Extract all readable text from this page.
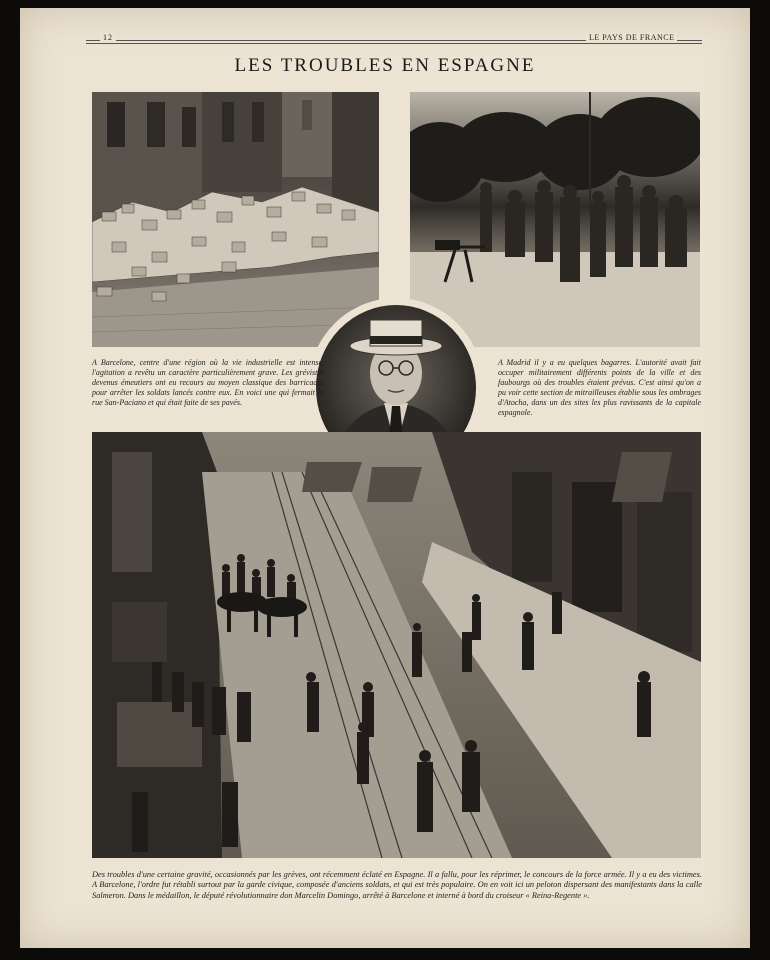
12	LE PAYS DE FRANCE
LES TROUBLES EN ESPAGNE
A Barcelone, centre d'une région où la vie industrielle est intense, l'agitation a revêtu un caractère particulièrement grave. Les grévistes devenus émeutiers ont eu recours au moyen classique des barricades pour arrêter les soldats lancés contre eux. En voici une qui fermait la rue San-Paciano et qui était faite de ses pavés.
A Madrid il y a eu quelques bagarres. L'autorité avait fait occuper militairement différents points de la ville et des faubourgs où des troubles étaient prévus. C'est ainsi qu'on a pu voir cette section de mitrailleuses établie sous les ombrages d'Atocha, dans un des sites les plus ravissants de la capitale espagnole.
Des troubles d'une certaine gravité, occasionnés par les grèves, ont récemment éclaté en Espagne. Il a fallu, pour les réprimer, le concours de la force armée. Il y a eu des victimes. A Barcelone, l'ordre fut rétabli surtout par la garde civique, composée d'anciens soldats, et qui est très populaire. On en voit ici un peloton dispersant des manifestants dans la calle Salmeron. Dans le médaillon, le député révolutionnaire don Marcelin Domingo, arrêté à Barcelone et interné à bord du croiseur « Reina-Regente ».
